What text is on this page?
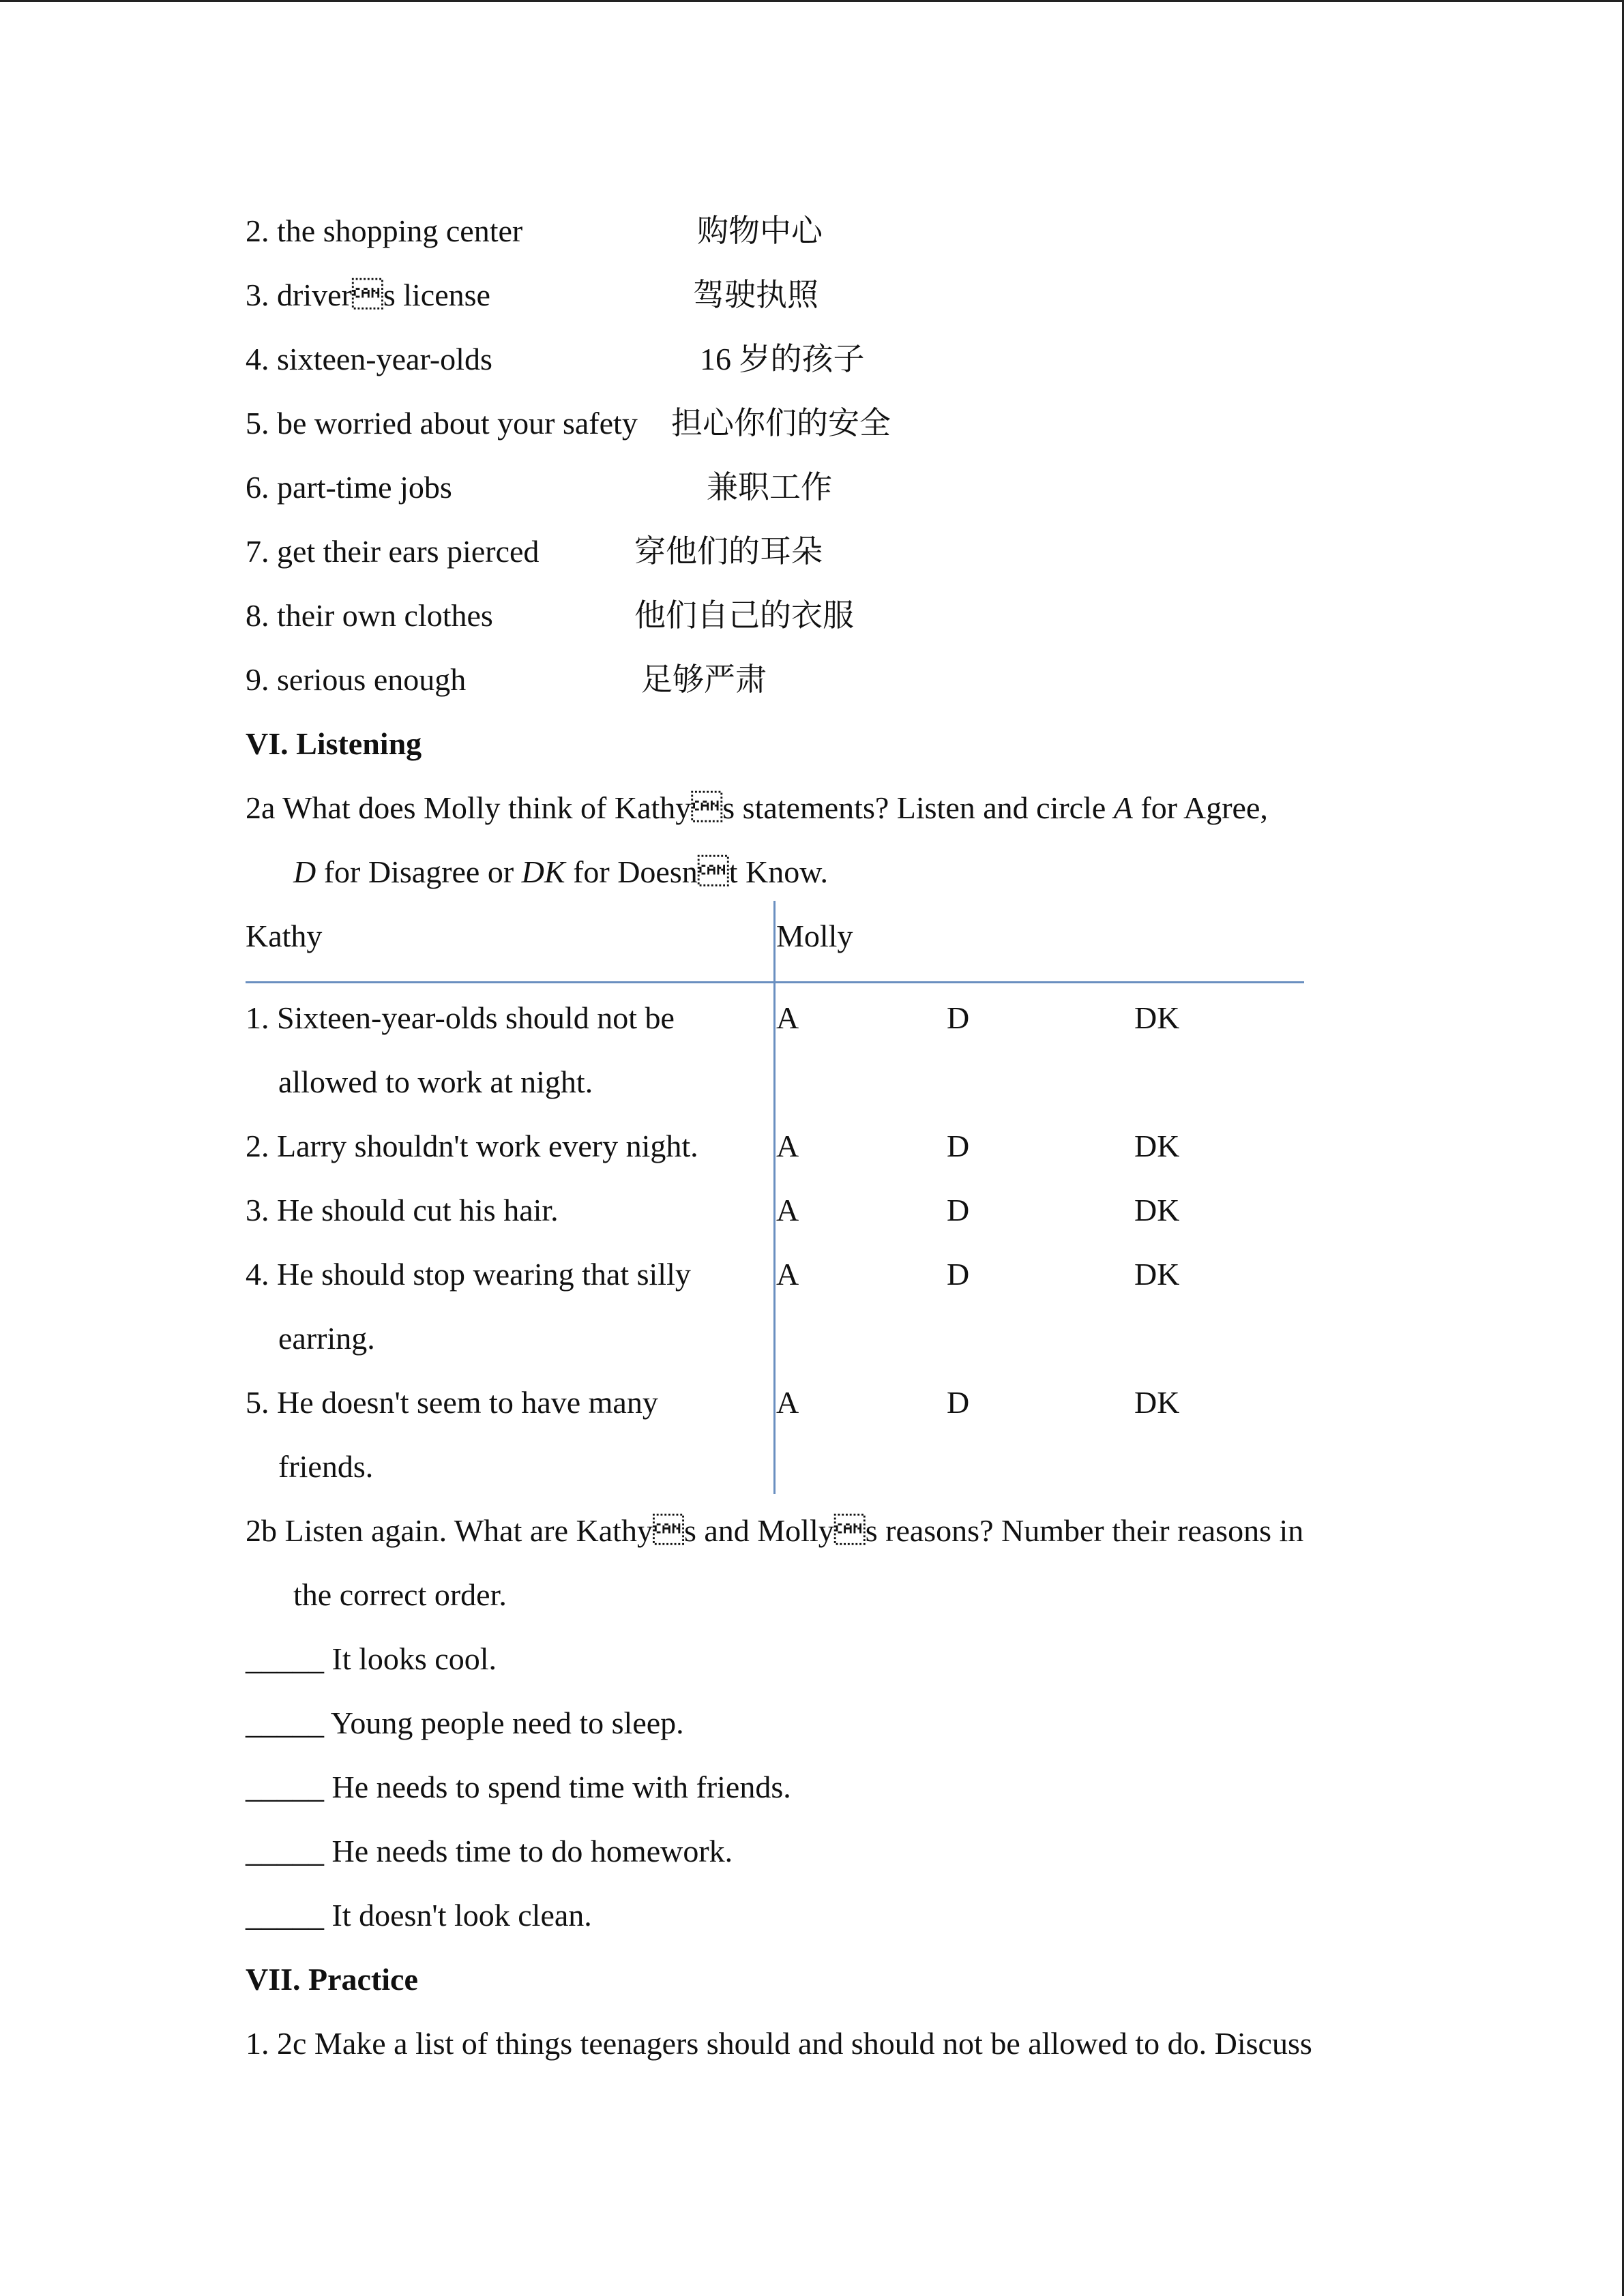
2. the shopping center	购物中心
3. drivers license	驾驶执照
4. sixteen-year-olds	16 岁的孩子
5. be worried about your safety 担心你们的安全
6. part-time jobs	兼职工作
7. get their ears pierced	穿他们的耳朵
8. their own clothes	他们自己的衣服
9. serious enough	足够严肃
VI. Listening
2a What does Molly think of Kathys statements? Listen and circle A for Agree,
D for Disagree or DK for Doesnt Know.
Kathy	Molly
1. Sixteen-year-olds should not be
allowed to work at night.
A	D	DK
2. Larry shouldn't work every night. A	D	DK
3. He should cut his hair.	A	D	DK
4. He should stop wearing that silly
earring.
A	D	DK
5. He doesn't seem to have many
friends.
A	D	DK
2b Listen again. What are Kathys and Mollys reasons? Number their reasons in
the correct order.
_____ It looks cool.
_____ Young people need to sleep.
_____ He needs to spend time with friends.
_____ He needs time to do homework.
_____ It doesn't look clean.
VII. Practice
1. 2c Make a list of things teenagers should and should not be allowed to do. Discuss
